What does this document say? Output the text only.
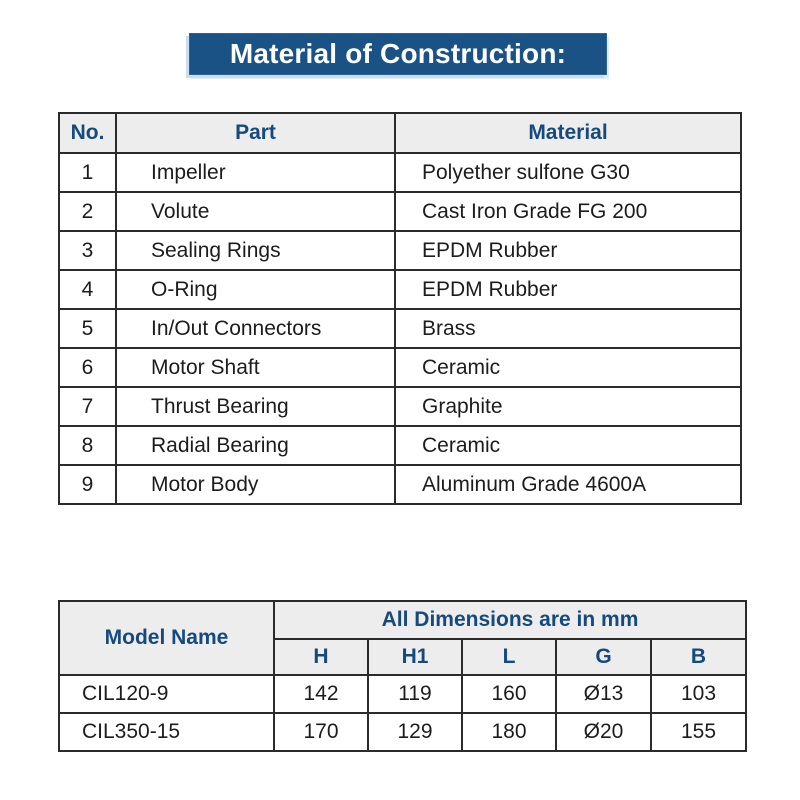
Material of Construction:
No.	Part	Material
1	Impeller	Polyether sulfone G30
2	Volute	Cast Iron Grade FG 200
3	Sealing Rings	EPDM Rubber
4	O-Ring	EPDM Rubber
5	In/Out Connectors	Brass
6	Motor Shaft	Ceramic
7	Thrust Bearing	Graphite
8	Radial Bearing	Ceramic
9	Motor Body	Aluminum Grade 4600A
Model Name	All Dimensions are in mm				
	H	H1	L	G	B
CIL120-9	142	119	160	Ø13	103
CIL350-15	170	129	180	Ø20	155
